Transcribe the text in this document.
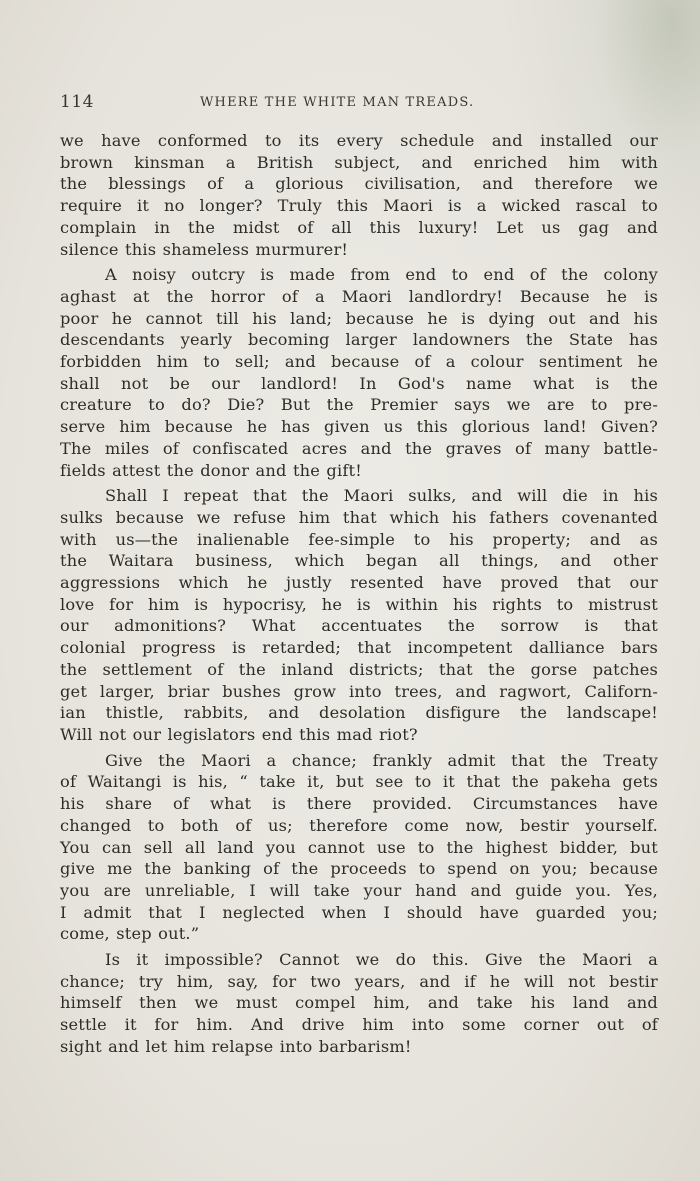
114	WHERE THE WHITE MAN TREADS.

we have conformed to its every schedule and installed our
brown kinsman a British subject, and enriched him with
the blessings of a glorious civilisation, and therefore we
require it no longer? Truly this Maori is a wicked rascal to
complain in the midst of all this luxury! Let us gag and
silence this shameless murmurer!

A noisy outcry is made from end to end of the colony
aghast at the horror of a Maori landlordry! Because he is
poor he cannot till his land; because he is dying out and his
descendants yearly becoming larger landowners the State has
forbidden him to sell; and because of a colour sentiment he
shall not be our landlord! In God's name what is the
creature to do? Die? But the Premier says we are to pre-
serve him because he has given us this glorious land! Given?
The miles of confiscated acres and the graves of many battle-
fields attest the donor and the gift!

Shall I repeat that the Maori sulks, and will die in his
sulks because we refuse him that which his fathers covenanted
with us—the inalienable fee-simple to his property; and as
the Waitara business, which began all things, and other
aggressions which he justly resented have proved that our
love for him is hypocrisy, he is within his rights to mistrust
our admonitions? What accentuates the sorrow is that
colonial progress is retarded; that incompetent dalliance bars
the settlement of the inland districts; that the gorse patches
get larger, briar bushes grow into trees, and ragwort, Californ-
ian thistle, rabbits, and desolation disfigure the landscape!
Will not our legislators end this mad riot?

Give the Maori a chance; frankly admit that the Treaty
of Waitangi is his, “ take it, but see to it that the pakeha gets
his share of what is there provided. Circumstances have
changed to both of us; therefore come now, bestir yourself.
You can sell all land you cannot use to the highest bidder, but
give me the banking of the proceeds to spend on you; because
you are unreliable, I will take your hand and guide you. Yes,
I admit that I neglected when I should have guarded you;
come, step out.”

Is it impossible? Cannot we do this. Give the Maori a
chance; try him, say, for two years, and if he will not bestir
himself then we must compel him, and take his land and
settle it for him. And drive him into some corner out of
sight and let him relapse into barbarism!
